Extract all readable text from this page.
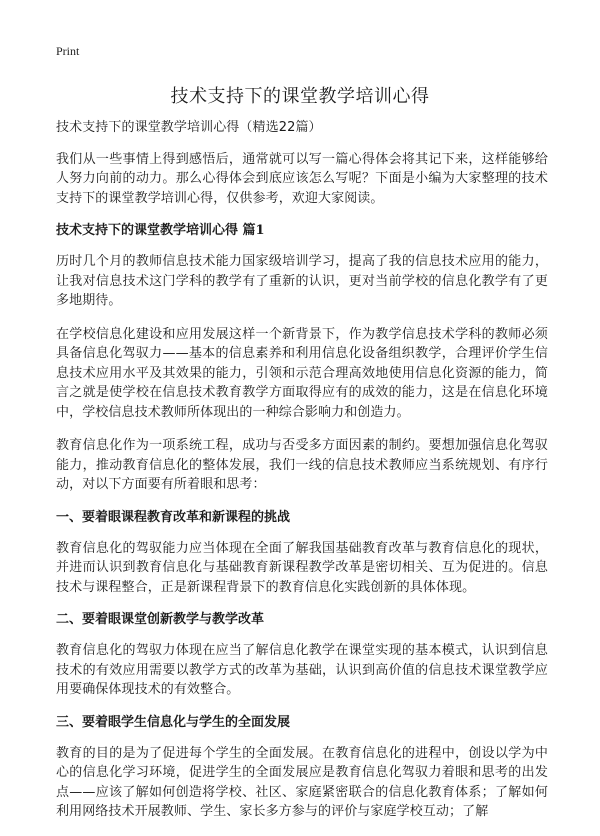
Print
技术支持下的课堂教学培训心得

技术支持下的课堂教学培训心得（精选22篇）

我们从一些事情上得到感悟后，通常就可以写一篇心得体会将其记下来，这样能够给人努力向前的动力。那么心得体会到底应该怎么写呢？下面是小编为大家整理的技术支持下的课堂教学培训心得，仅供参考，欢迎大家阅读。

技术支持下的课堂教学培训心得 篇1

历时几个月的教师信息技术能力国家级培训学习，提高了我的信息技术应用的能力，让我对信息技术这门学科的教学有了重新的认识，更对当前学校的信息化教学有了更多地期待。

在学校信息化建设和应用发展这样一个新背景下，作为教学信息技术学科的教师必须具备信息化驾驭力——基本的信息素养和利用信息化设备组织教学，合理评价学生信息技术应用水平及其效果的能力，引领和示范合理高效地使用信息化资源的能力，简言之就是使学校在信息技术教育教学方面取得应有的成效的能力，这是在信息化环境中，学校信息技术教师所体现出的一种综合影响力和创造力。

教育信息化作为一项系统工程，成功与否受多方面因素的制约。要想加强信息化驾驭能力，推动教育信息化的整体发展，我们一线的信息技术教师应当系统规划、有序行动，对以下方面要有所着眼和思考：

一、要着眼课程教育改革和新课程的挑战

教育信息化的驾驭能力应当体现在全面了解我国基础教育改革与教育信息化的现状，并进而认识到教育信息化与基础教育新课程教学改革是密切相关、互为促进的。信息技术与课程整合，正是新课程背景下的教育信息化实践创新的具体体现。

二、要着眼课堂创新教学与教学改革

教育信息化的驾驭力体现在应当了解信息化教学在课堂实现的基本模式，认识到信息技术的有效应用需要以教学方式的改革为基础，认识到高价值的信息技术课堂教学应用要确保体现技术的有效整合。

三、要着眼学生信息化与学生的全面发展

教育的目的是为了促进每个学生的全面发展。在教育信息化的进程中，创设以学为中心的信息化学习环境，促进学生的全面发展应是教育信息化驾驭力着眼和思考的出发点——应该了解如何创造将学校、社区、家庭紧密联合的信息化教育体系；了解如何利用网络技术开展教师、学生、家长多方参与的评价与家庭学校互动；了解
